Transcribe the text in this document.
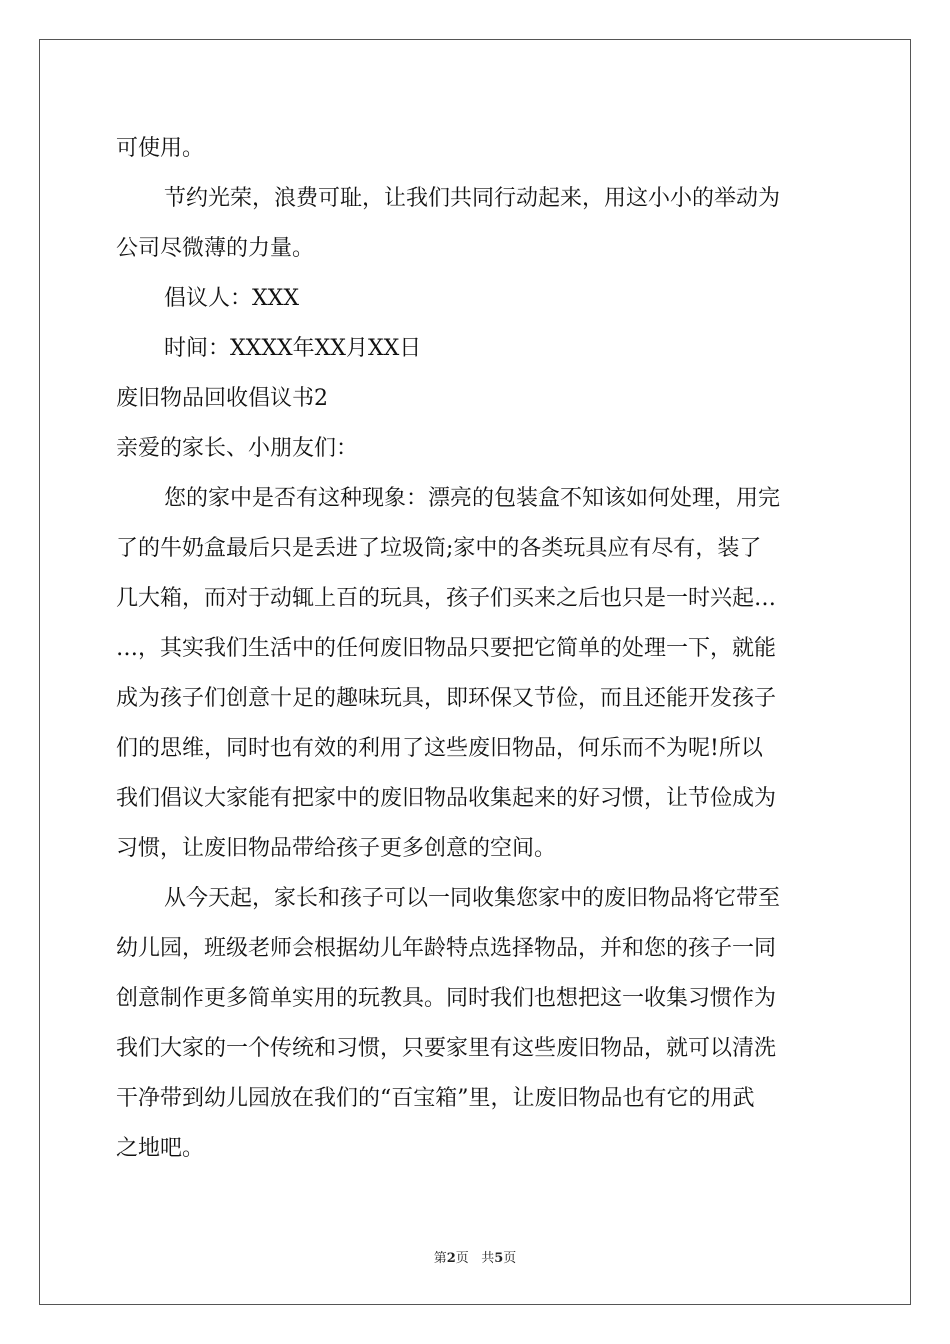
可使用。
节约光荣，浪费可耻，让我们共同行动起来，用这小小的举动为
公司尽微薄的力量。
倡议人：XXX
时间：XXXX年XX月XX日
废旧物品回收倡议书2
亲爱的家长、小朋友们：
您的家中是否有这种现象：漂亮的包装盒不知该如何处理，用完
了的牛奶盒最后只是丢进了垃圾筒;家中的各类玩具应有尽有，装了
几大箱，而对于动辄上百的玩具，孩子们买来之后也只是一时兴起…
…，其实我们生活中的任何废旧物品只要把它简单的处理一下，就能
成为孩子们创意十足的趣味玩具，即环保又节俭，而且还能开发孩子
们的思维，同时也有效的利用了这些废旧物品，何乐而不为呢!所以
我们倡议大家能有把家中的废旧物品收集起来的好习惯，让节俭成为
习惯，让废旧物品带给孩子更多创意的空间。
从今天起，家长和孩子可以一同收集您家中的废旧物品将它带至
幼儿园，班级老师会根据幼儿年龄特点选择物品，并和您的孩子一同
创意制作更多简单实用的玩教具。同时我们也想把这一收集习惯作为
我们大家的一个传统和习惯，只要家里有这些废旧物品，就可以清洗
干净带到幼儿园放在我们的“百宝箱”里，让废旧物品也有它的用武
之地吧。
第2页 共5页
